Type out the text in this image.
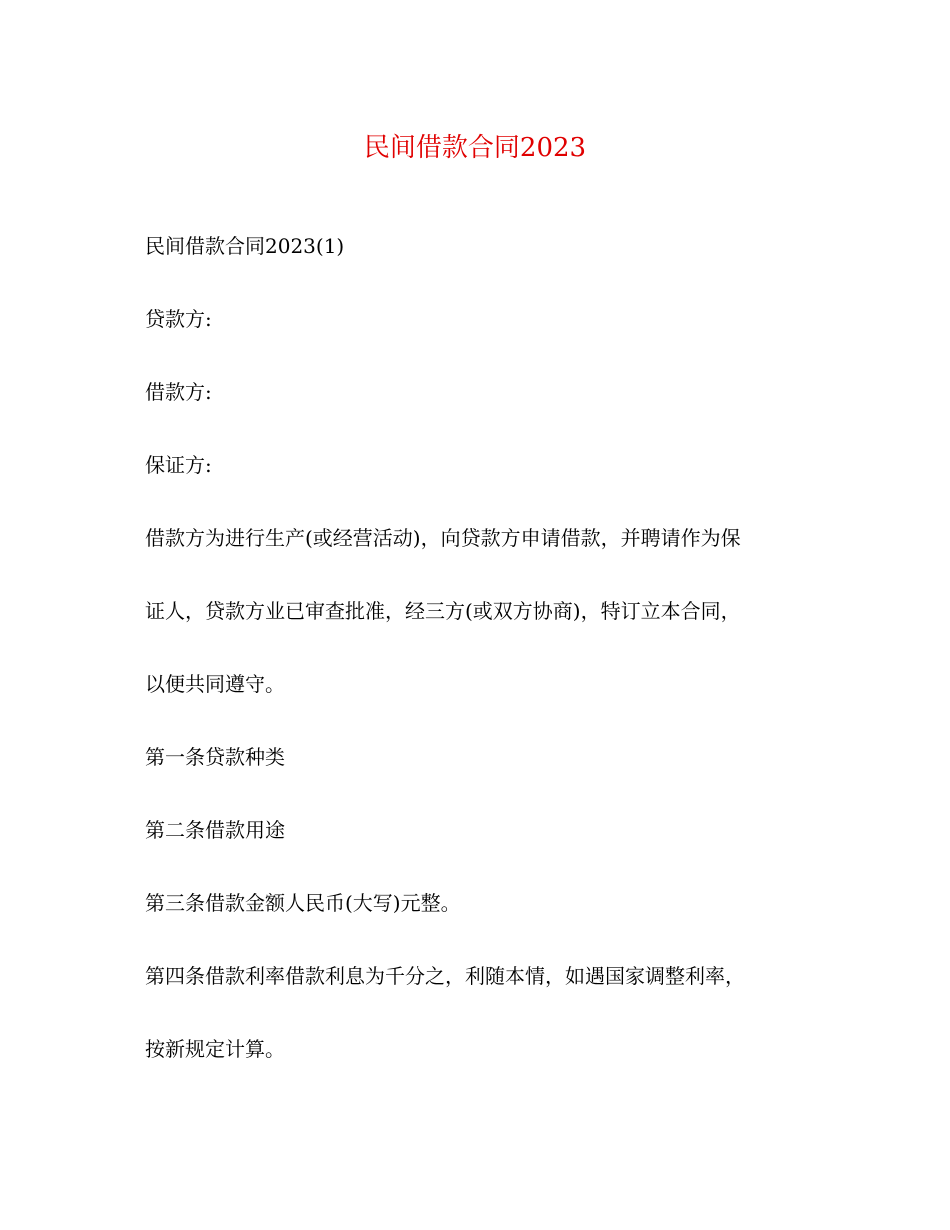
民间借款合同2023

民间借款合同2023(1)

贷款方:

借款方:

保证方:

借款方为进行生产(或经营活动)，向贷款方申请借款，并聘请作为保

证人，贷款方业已审查批准，经三方(或双方协商)，特订立本合同，

以便共同遵守。

第一条贷款种类

第二条借款用途

第三条借款金额人民币(大写)元整。

第四条借款利率借款利息为千分之，利随本情，如遇国家调整利率，

按新规定计算。
